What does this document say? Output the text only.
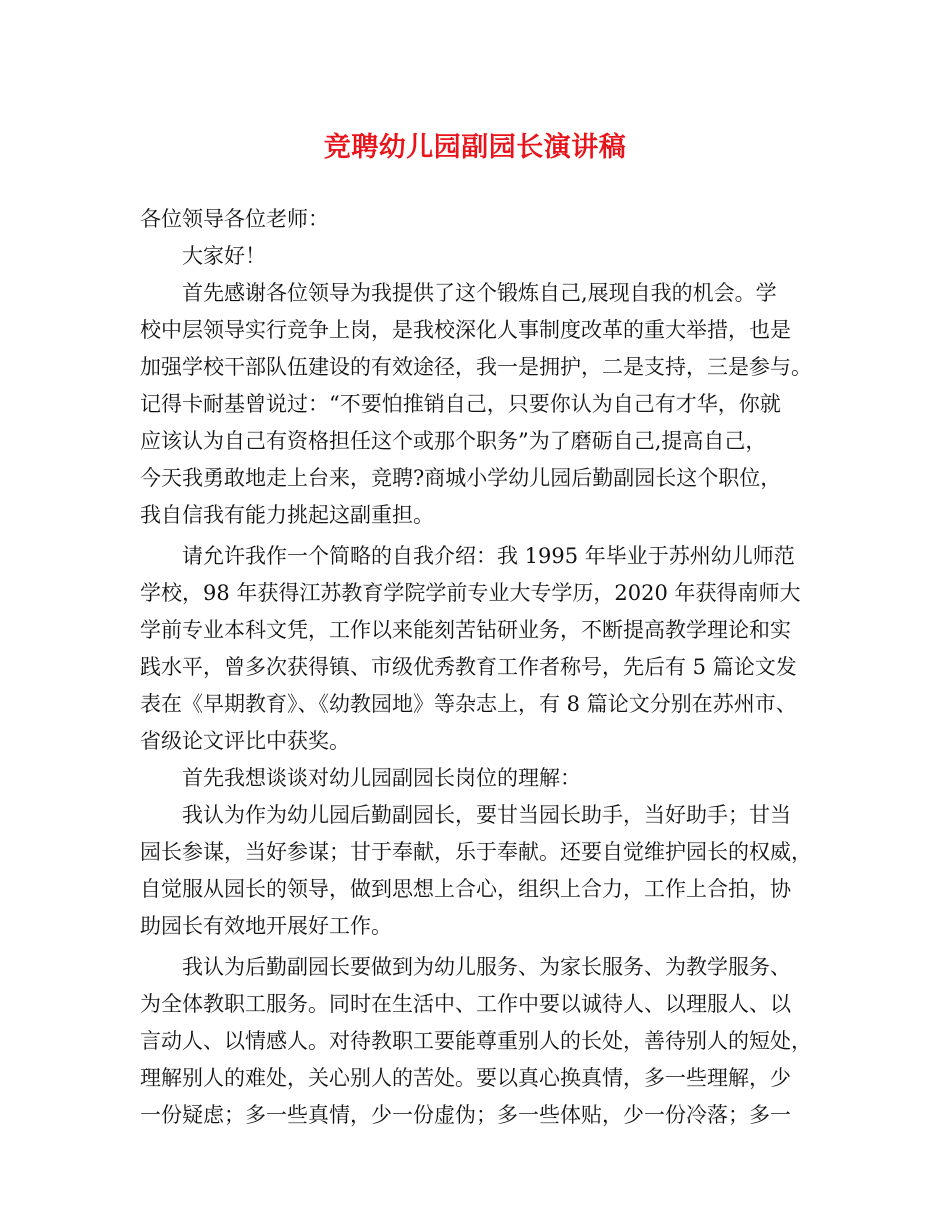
竞聘幼儿园副园长演讲稿
各位领导各位老师：
大家好！
首先感谢各位领导为我提供了这个锻炼自己,展现自我的机会。学
校中层领导实行竞争上岗，是我校深化人事制度改革的重大举措，也是
加强学校干部队伍建设的有效途径，我一是拥护，二是支持，三是参与。
记得卡耐基曾说过：“不要怕推销自己，只要你认为自己有才华，你就
应该认为自己有资格担任这个或那个职务”为了磨砺自己,提高自己，
今天我勇敢地走上台来，竞聘?商城小学幼儿园后勤副园长这个职位，
我自信我有能力挑起这副重担。
请允许我作一个简略的自我介绍：我 1995 年毕业于苏州幼儿师范
学校，98 年获得江苏教育学院学前专业大专学历，2020 年获得南师大
学前专业本科文凭，工作以来能刻苦钻研业务，不断提高教学理论和实
践水平，曾多次获得镇、市级优秀教育工作者称号，先后有 5 篇论文发
表在《早期教育》、《幼教园地》等杂志上，有 8 篇论文分别在苏州市、
省级论文评比中获奖。
首先我想谈谈对幼儿园副园长岗位的理解：
我认为作为幼儿园后勤副园长，要甘当园长助手，当好助手；甘当
园长参谋，当好参谋；甘于奉献，乐于奉献。还要自觉维护园长的权威，
自觉服从园长的领导，做到思想上合心，组织上合力，工作上合拍，协
助园长有效地开展好工作。
我认为后勤副园长要做到为幼儿服务、为家长服务、为教学服务、
为全体教职工服务。同时在生活中、工作中要以诚待人、以理服人、以
言动人、以情感人。对待教职工要能尊重别人的长处，善待别人的短处，
理解别人的难处，关心别人的苦处。要以真心换真情，多一些理解，少
一份疑虑；多一些真情，少一份虚伪；多一些体贴，少一份冷落；多一
